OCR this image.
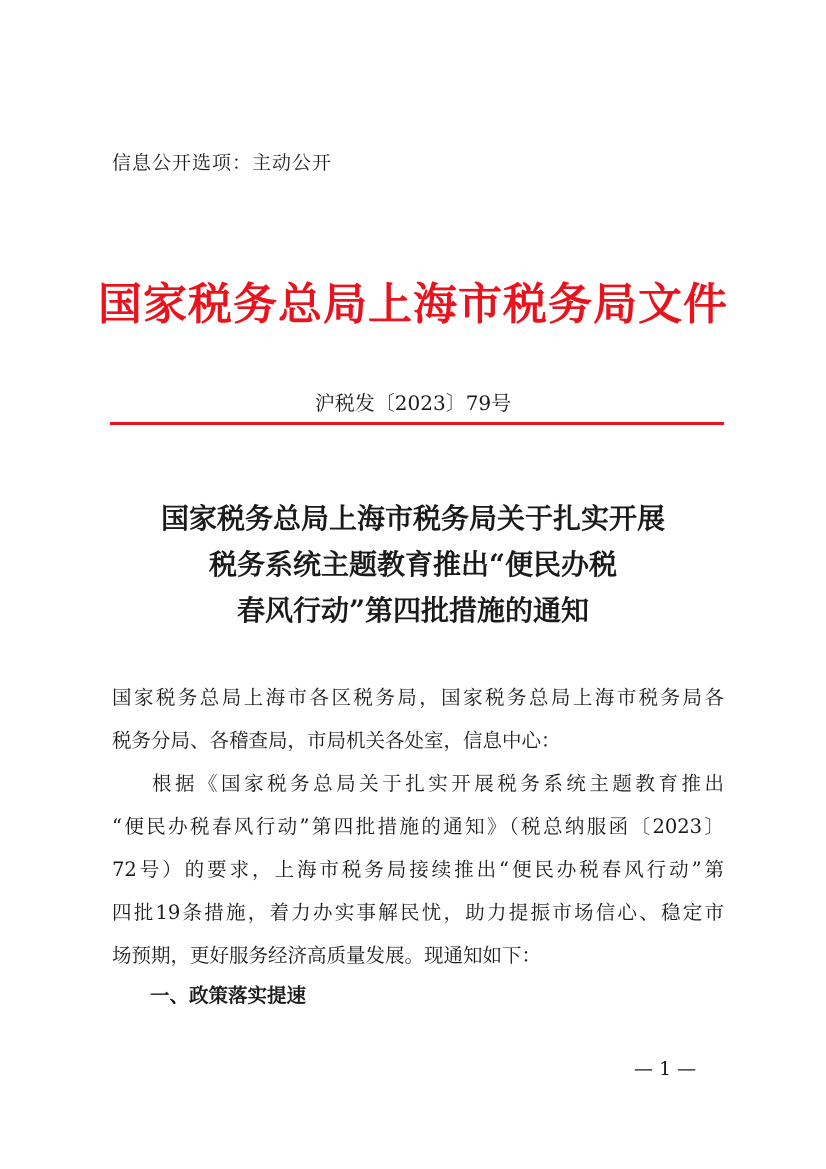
信息公开选项：主动公开
国家税务总局上海市税务局文件
沪税发〔2023〕79号
国家税务总局上海市税务局关于扎实开展
税务系统主题教育推出“便民办税
春风行动”第四批措施的通知
国家税务总局上海市各区税务局，国家税务总局上海市税务局各
税务分局、各稽查局，市局机关各处室，信息中心：
根据《国家税务总局关于扎实开展税务系统主题教育推出
“便民办税春风行动”第四批措施的通知》（税总纳服函〔2023〕
72号）的要求，上海市税务局接续推出“便民办税春风行动”第
四批19条措施，着力办实事解民忧，助力提振市场信心、稳定市
场预期，更好服务经济高质量发展。现通知如下：
一、政策落实提速
— 1 —
